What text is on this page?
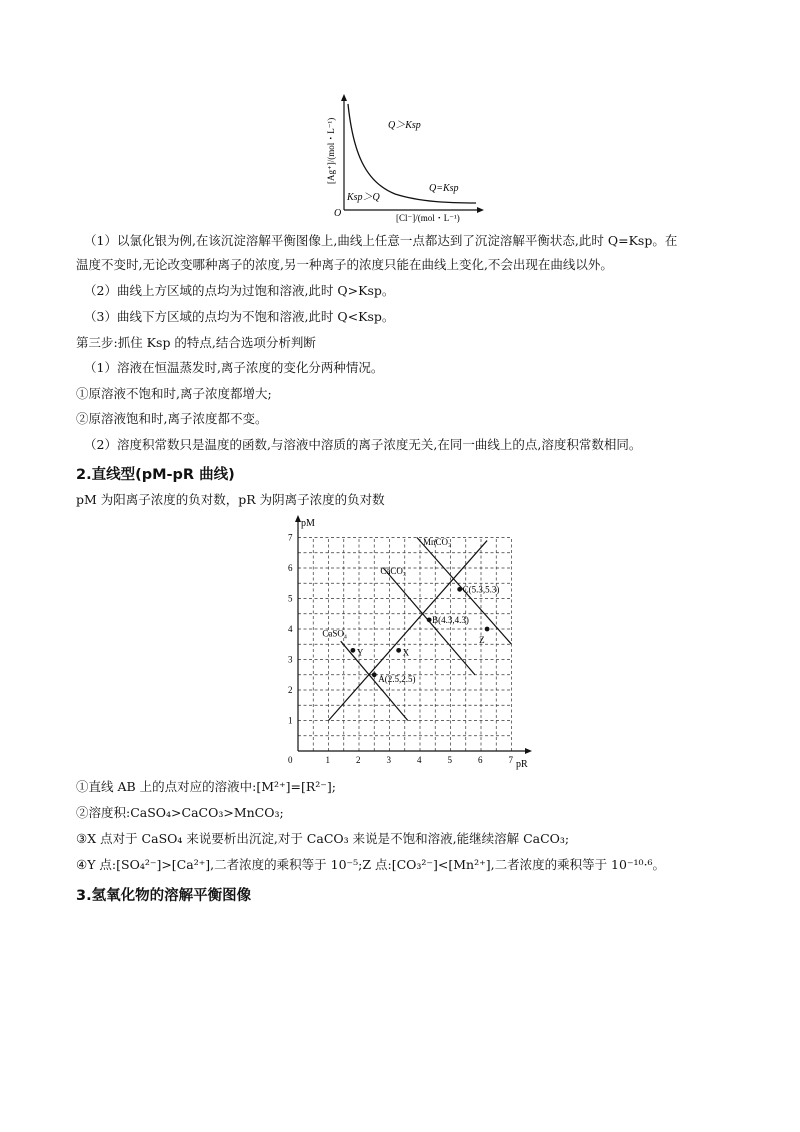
[Ag⁺]/(mol・L⁻¹)
[Cl⁻]/(mol・L⁻¹)
O
Q＞Ksp
Ksp＞Q
Q=Ksp
（1）以氯化银为例,在该沉淀溶解平衡图像上,曲线上任意一点都达到了沉淀溶解平衡状态,此时 Q=Ksp。在
温度不变时,无论改变哪种离子的浓度,另一种离子的浓度只能在曲线上变化,不会出现在曲线以外。
（2）曲线上方区域的点均为过饱和溶液,此时 Q>Ksp。
（3）曲线下方区域的点均为不饱和溶液,此时 Q<Ksp。
第三步:抓住 Ksp 的特点,结合选项分析判断
（1）溶液在恒温蒸发时,离子浓度的变化分两种情况。
①原溶液不饱和时,离子浓度都增大;
②原溶液饱和时,离子浓度都不变。
（2）溶度积常数只是温度的函数,与溶液中溶质的离子浓度无关,在同一曲线上的点,溶度积常数相同。
2.直线型(pM-pR 曲线)
pM 为阳离子浓度的负对数，pR 为阴离子浓度的负对数
pM
pR
0	1	2	3	4	5	6	7
1
2
3
4
5
6
7	MnCO₃
CaCO₃
CaSO₄
A(2.5,2.5)
B(4.3,4.3)
C(5.3,5.3)
X
Y
Z
①直线 AB 上的点对应的溶液中:[M²⁺]=[R²⁻];
②溶度积:CaSO₄>CaCO₃>MnCO₃;
③X 点对于 CaSO₄ 来说要析出沉淀,对于 CaCO₃ 来说是不饱和溶液,能继续溶解 CaCO₃;
④Y 点:[SO₄²⁻]>[Ca²⁺],二者浓度的乘积等于 10⁻⁵;Z 点:[CO₃²⁻]<[Mn²⁺],二者浓度的乘积等于 10⁻¹⁰·⁶。
3.氢氧化物的溶解平衡图像
